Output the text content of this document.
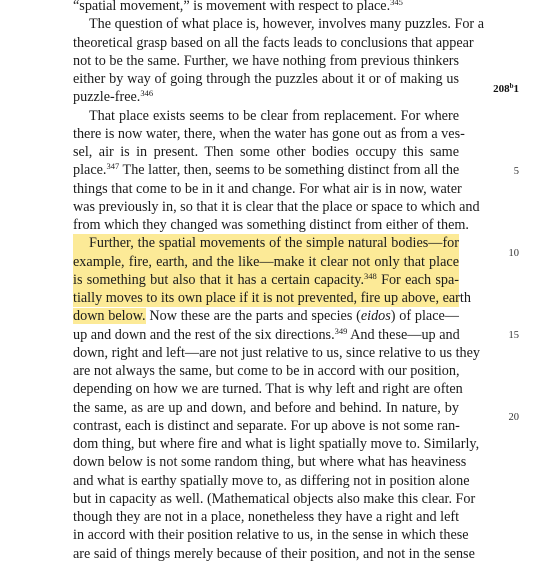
“spatial movement,” is movement with respect to place.$^{345}$
The question of what place is, however, involves many puzzles. For a
theoretical grasp based on all the facts leads to conclusions that appear
not to be the same. Further, we have nothing from previous thinkers
either by way of going through the puzzles about it or of making us
puzzle-free.$^{346}$
That place exists seems to be clear from replacement. For where
there is now water, there, when the water has gone out as from a ves-
sel, air is in present. Then some other bodies occupy this same
place.$^{347}$ The latter, then, seems to be something distinct from all the
things that come to be in it and change. For what air is in now, water
was previously in, so that it is clear that the place or space to which and
from which they changed was something distinct from either of them.
Further, the spatial movements of the simple natural bodies—for
example, fire, earth, and the like—make it clear not only that place
is something but also that it has a certain capacity.$^{348}$ For each spa-
tially moves to its own place if it is not prevented, fire up above, earth
down below. Now these are the parts and species (eidos) of place—
up and down and the rest of the six directions.$^{349}$ And these—up and
down, right and left—are not just relative to us, since relative to us they
are not always the same, but come to be in accord with our position,
depending on how we are turned. That is why left and right are often
the same, as are up and down, and before and behind. In nature, by
contrast, each is distinct and separate. For up above is not some ran-
dom thing, but where fire and what is light spatially move to. Similarly,
down below is not some random thing, but where what has heaviness
and what is earthy spatially move to, as differing not in position alone
but in capacity as well. (Mathematical objects also make this clear. For
though they are not in a place, nonetheless they have a right and left
in accord with their position relative to us, in the sense in which these
are said of things merely because of their position, and not in the sense
208$^b$1
5
10
15
20
